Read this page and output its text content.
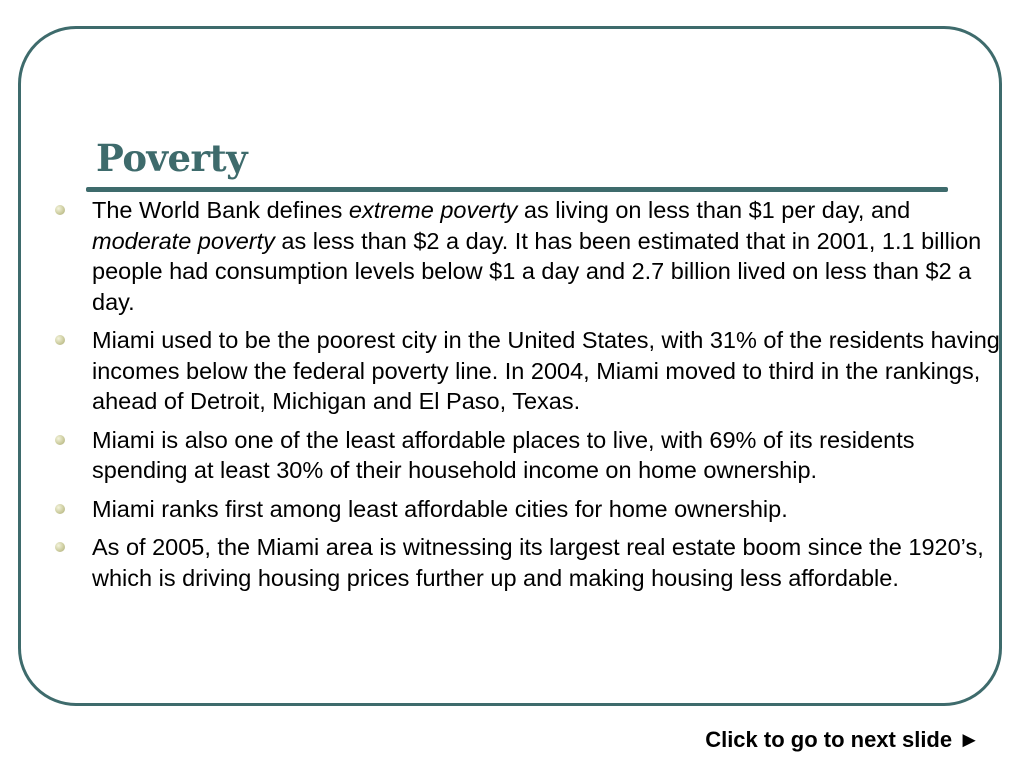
Poverty
The World Bank defines extreme poverty as living on less than $1 per day, and moderate poverty as less than $2 a day. It has been estimated that in 2001, 1.1 billion people had consumption levels below $1 a day and 2.7 billion lived on less than $2 a day.
Miami used to be the poorest city in the United States, with 31% of the residents having incomes below the federal poverty line. In 2004, Miami moved to third in the rankings, ahead of Detroit, Michigan and El Paso, Texas.
Miami is also one of the least affordable places to live, with 69% of its residents spending at least 30% of their household income on home ownership.
Miami ranks first among least affordable cities for home ownership.
As of 2005, the Miami area is witnessing its largest real estate boom since the 1920’s, which is driving housing prices further up and making housing less affordable.
Click to go to next slide ►
